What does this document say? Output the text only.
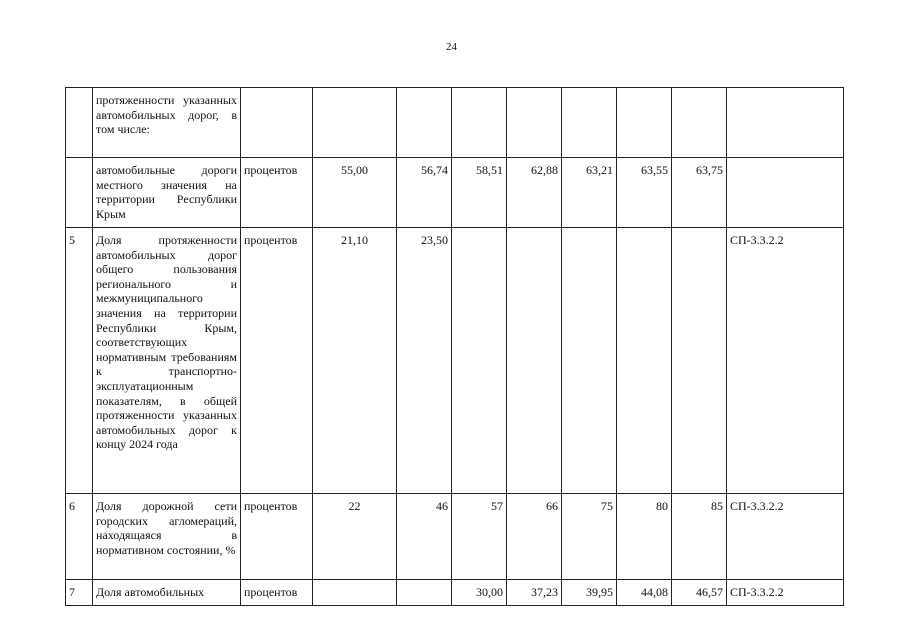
24
	протяженности указанных автомобильных дорог, в том числе:									
	автомобильные дороги местного значения на территории Республики Крым	процентов	55,00	56,74	58,51	62,88	63,21	63,55	63,75	
5	Доля протяженности автомобильных дорог общего пользования регионального и межмуниципального значения на территории Республики Крым, соответствующих нормативным требованиям к транспортно-эксплуатационным показателям, в общей протяженности указанных автомобильных дорог к концу 2024 года	процентов	21,10	23,50						СП-3.3.2.2
6	Доля дорожной сети городских агломераций, находящаяся в нормативном состоянии, %	процентов	22	46	57	66	75	80	85	СП-3.3.2.2
7	Доля автомобильных	процентов			30,00	37,23	39,95	44,08	46,57	СП-3.3.2.2
